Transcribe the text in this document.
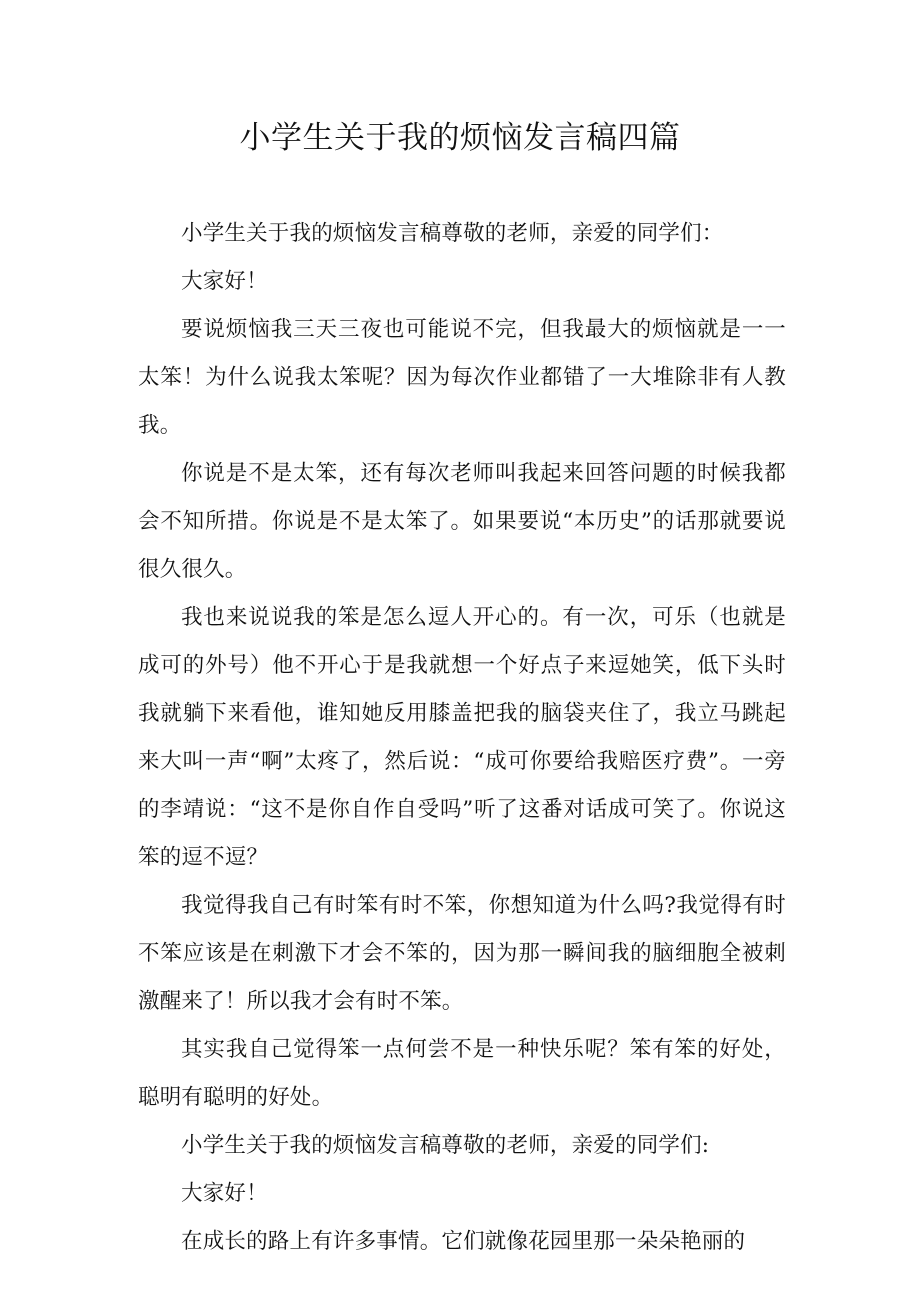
小学生关于我的烦恼发言稿四篇

小学生关于我的烦恼发言稿尊敬的老师，亲爱的同学们：

大家好！

要说烦恼我三天三夜也可能说不完，但我最大的烦恼就是一一太笨！为什么说我太笨呢？因为每次作业都错了一大堆除非有人教我。

你说是不是太笨，还有每次老师叫我起来回答问题的时候我都会不知所措。你说是不是太笨了。如果要说“本历史”的话那就要说很久很久。

我也来说说我的笨是怎么逗人开心的。有一次，可乐（也就是成可的外号）他不开心于是我就想一个好点子来逗她笑，低下头时我就躺下来看他，谁知她反用膝盖把我的脑袋夹住了，我立马跳起来大叫一声“啊”太疼了，然后说：“成可你要给我赔医疗费”。一旁的李靖说：“这不是你自作自受吗”听了这番对话成可笑了。你说这笨的逗不逗？

我觉得我自己有时笨有时不笨，你想知道为什么吗?我觉得有时不笨应该是在刺激下才会不笨的，因为那一瞬间我的脑细胞全被刺激醒来了！所以我才会有时不笨。

其实我自己觉得笨一点何尝不是一种快乐呢？笨有笨的好处，聪明有聪明的好处。

小学生关于我的烦恼发言稿尊敬的老师，亲爱的同学们:

大家好！

在成长的路上有许多事情。它们就像花园里那一朵朵艳丽的
